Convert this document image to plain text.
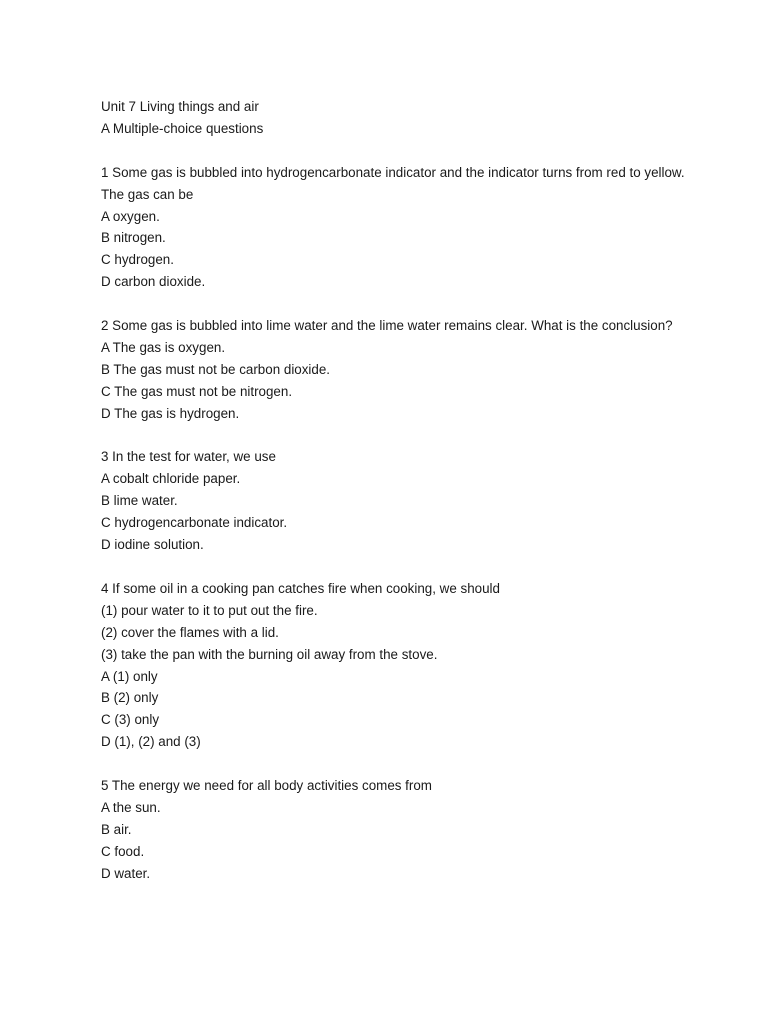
Unit 7 Living things and air
A Multiple-choice questions
1 Some gas is bubbled into hydrogencarbonate indicator and the indicator turns from red to yellow. The gas can be
A oxygen.
B nitrogen.
C hydrogen.
D carbon dioxide.
2 Some gas is bubbled into lime water and the lime water remains clear. What is the conclusion?
A The gas is oxygen.
B The gas must not be carbon dioxide.
C The gas must not be nitrogen.
D The gas is hydrogen.
3 In the test for water, we use
A cobalt chloride paper.
B lime water.
C hydrogencarbonate indicator.
D iodine solution.
4 If some oil in a cooking pan catches fire when cooking, we should
(1) pour water to it to put out the fire.
(2) cover the flames with a lid.
(3) take the pan with the burning oil away from the stove.
A (1) only
B (2) only
C (3) only
D (1), (2) and (3)
5 The energy we need for all body activities comes from
A the sun.
B air.
C food.
D water.
